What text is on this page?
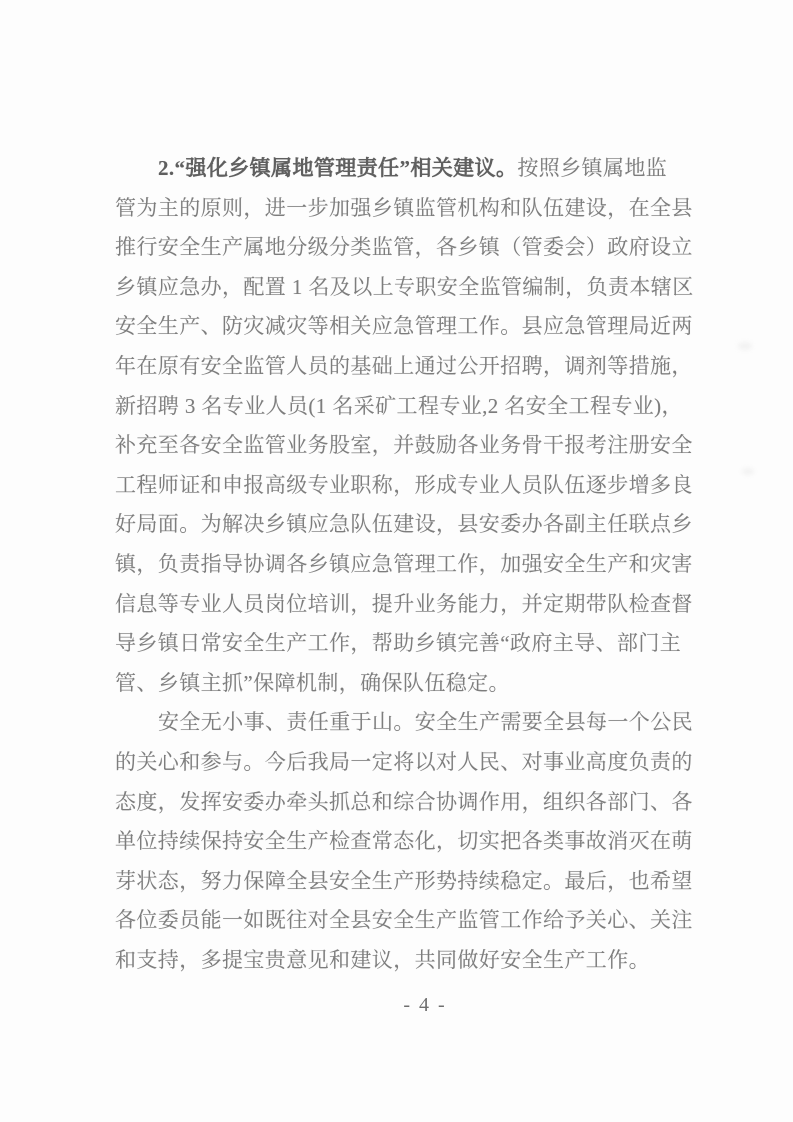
2.“强化乡镇属地管理责任”相关建议。按照乡镇属地监

管为主的原则，进一步加强乡镇监管机构和队伍建设，在全县

推行安全生产属地分级分类监管，各乡镇（管委会）政府设立

乡镇应急办，配置 1 名及以上专职安全监管编制，负责本辖区

安全生产、防灾减灾等相关应急管理工作。县应急管理局近两

年在原有安全监管人员的基础上通过公开招聘，调剂等措施，

新招聘 3 名专业人员(1 名采矿工程专业,2 名安全工程专业)，

补充至各安全监管业务股室，并鼓励各业务骨干报考注册安全

工程师证和申报高级专业职称，形成专业人员队伍逐步增多良

好局面。为解决乡镇应急队伍建设，县安委办各副主任联点乡

镇，负责指导协调各乡镇应急管理工作，加强安全生产和灾害

信息等专业人员岗位培训，提升业务能力，并定期带队检查督

导乡镇日常安全生产工作，帮助乡镇完善“政府主导、部门主

管、乡镇主抓”保障机制，确保队伍稳定。

安全无小事、责任重于山。安全生产需要全县每一个公民

的关心和参与。今后我局一定将以对人民、对事业高度负责的

态度，发挥安委办牵头抓总和综合协调作用，组织各部门、各

单位持续保持安全生产检查常态化，切实把各类事故消灭在萌

芽状态，努力保障全县安全生产形势持续稳定。最后，也希望

各位委员能一如既往对全县安全生产监管工作给予关心、关注

和支持，多提宝贵意见和建议，共同做好安全生产工作。

- 4 -
